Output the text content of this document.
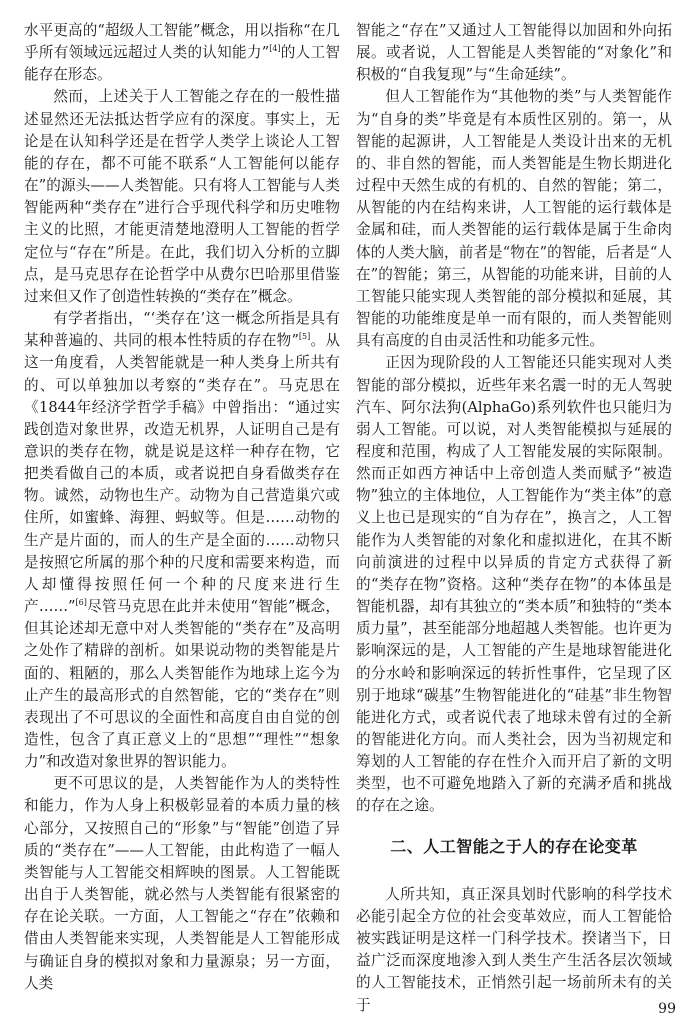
水平更高的“超级人工智能”概念，用以指称“在几乎所有领域远远超过人类的认知能力”[4]的人工智能存在形态。

然而，上述关于人工智能之存在的一般性描述显然还无法抵达哲学应有的深度。事实上，无论是在认知科学还是在哲学人类学上谈论人工智能的存在，都不可能不联系“人工智能何以能存在”的源头——人类智能。只有将人工智能与人类智能两种“类存在”进行合乎现代科学和历史唯物主义的比照，才能更清楚地澄明人工智能的哲学定位与“存在”所是。在此，我们切入分析的立脚点，是马克思存在论哲学中从费尔巴哈那里借鉴过来但又作了创造性转换的“类存在”概念。

有学者指出，“‘类存在’这一概念所指是具有某种普遍的、共同的根本性特质的存在物”[5]。从这一角度看，人类智能就是一种人类身上所共有的、可以单独加以考察的“类存在”。马克思在《1844年经济学哲学手稿》中曾指出：“通过实践创造对象世界，改造无机界，人证明自己是有意识的类存在物，就是说是这样一种存在物，它把类看做自己的本质，或者说把自身看做类存在物。诚然，动物也生产。动物为自己营造巢穴或住所，如蜜蜂、海狸、蚂蚁等。但是……动物的生产是片面的，而人的生产是全面的……动物只是按照它所属的那个种的尺度和需要来构造，而人却懂得按照任何一个种的尺度来进行生产……”[6]尽管马克思在此并未使用“智能”概念，但其论述却无意中对人类智能的“类存在”及高明之处作了精辟的剖析。如果说动物的类智能是片面的、粗陋的，那么人类智能作为地球上迄今为止产生的最高形式的自然智能，它的“类存在”则表现出了不可思议的全面性和高度自由自觉的创造性，包含了真正意义上的“思想”“理性”“想象力”和改造对象世界的智识能力。

更不可思议的是，人类智能作为人的类特性和能力，作为人身上积极彰显着的本质力量的核心部分，又按照自己的“形象”与“智能”创造了异质的“类存在”——人工智能，由此构造了一幅人类智能与人工智能交相辉映的图景。人工智能既出自于人类智能，就必然与人类智能有很紧密的存在论关联。一方面，人工智能之“存在”依赖和借由人类智能来实现，人类智能是人工智能形成与确证自身的模拟对象和力量源泉；另一方面，人类

智能之“存在”又通过人工智能得以加固和外向拓展。或者说，人工智能是人类智能的“对象化”和积极的“自我复现”与“生命延续”。

但人工智能作为“其他物的类”与人类智能作为“自身的类”毕竟是有本质性区别的。第一，从智能的起源讲，人工智能是人类设计出来的无机的、非自然的智能，而人类智能是生物长期进化过程中天然生成的有机的、自然的智能；第二，从智能的内在结构来讲，人工智能的运行载体是金属和硅，而人类智能的运行载体是属于生命肉体的人类大脑，前者是“物在”的智能，后者是“人在”的智能；第三，从智能的功能来讲，目前的人工智能只能实现人类智能的部分模拟和延展，其智能的功能维度是单一而有限的，而人类智能则具有高度的自由灵活性和功能多元性。

正因为现阶段的人工智能还只能实现对人类智能的部分模拟，近些年来名震一时的无人驾驶汽车、阿尔法狗(AlphaGo)系列软件也只能归为弱人工智能。可以说，对人类智能模拟与延展的程度和范围，构成了人工智能发展的实际限制。然而正如西方神话中上帝创造人类而赋予“被造物”独立的主体地位，人工智能作为“类主体”的意义上也已是现实的“自为存在”，换言之，人工智能作为人类智能的对象化和虚拟进化，在其不断向前演进的过程中以异质的肯定方式获得了新的“类存在物”资格。这种“类存在物”的本体虽是智能机器，却有其独立的“类本质”和独特的“类本质力量”，甚至能部分地超越人类智能。也许更为影响深远的是，人工智能的产生是地球智能进化的分水岭和影响深远的转折性事件，它呈现了区别于地球“碳基”生物智能进化的“硅基”非生物智能进化方式，或者说代表了地球未曾有过的全新的智能进化方向。而人类社会，因为当初规定和筹划的人工智能的存在性介入而开启了新的文明类型，也不可避免地踏入了新的充满矛盾和挑战的存在之途。

二、人工智能之于人的存在论变革

人所共知，真正深具划时代影响的科学技术必能引起全方位的社会变革效应，而人工智能恰被实践证明是这样一门科学技术。揆诸当下，日益广泛而深度地渗入到人类生产生活各层次领域的人工智能技术，正悄然引起一场前所未有的关于	99
